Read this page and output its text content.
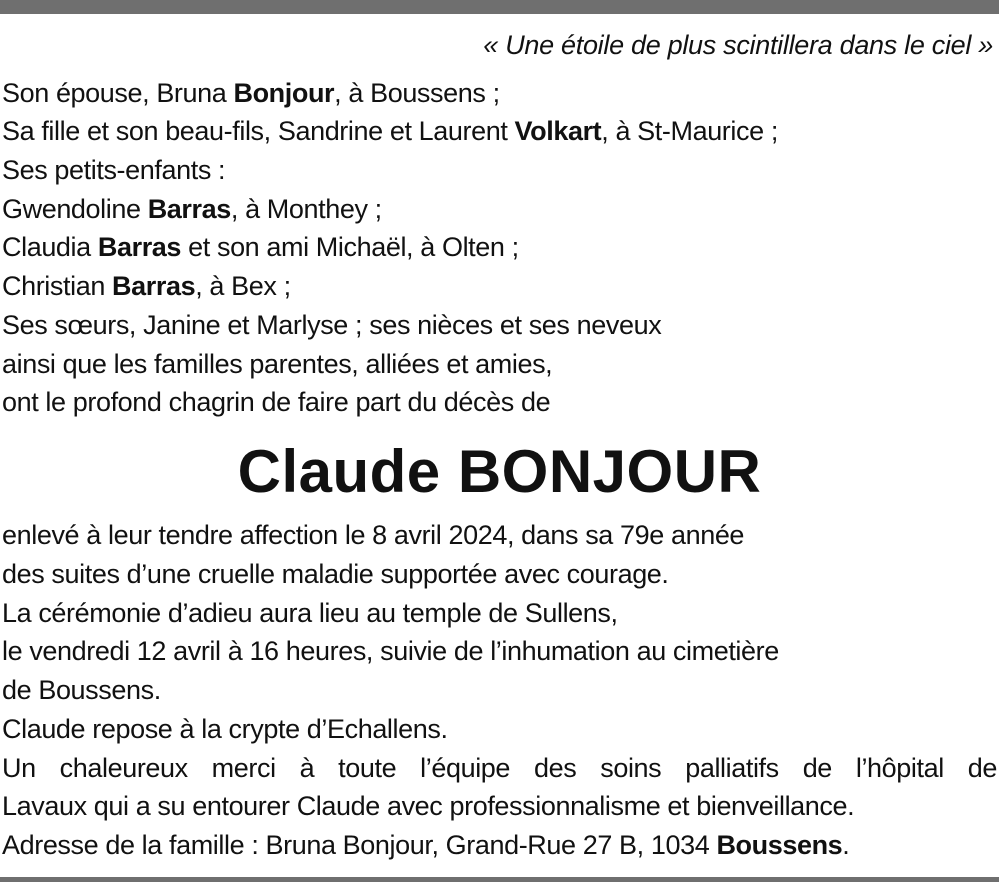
« Une étoile de plus scintillera dans le ciel »
Son épouse, Bruna Bonjour, à Boussens ;
Sa fille et son beau-fils, Sandrine et Laurent Volkart, à St-Maurice ;
Ses petits-enfants :
Gwendoline Barras, à Monthey ;
Claudia Barras et son ami Michaël, à Olten ;
Christian Barras, à Bex ;
Ses sœurs, Janine et Marlyse ; ses nièces et ses neveux
ainsi que les familles parentes, alliées et amies,
ont le profond chagrin de faire part du décès de
Claude BONJOUR
enlevé à leur tendre affection le 8 avril 2024, dans sa 79e année
des suites d’une cruelle maladie supportée avec courage.
La cérémonie d’adieu aura lieu au temple de Sullens,
le vendredi 12 avril à 16 heures, suivie de l’inhumation au cimetière
de Boussens.
Claude repose à la crypte d’Echallens.
Un chaleureux merci à toute l’équipe des soins palliatifs de l’hôpital de
Lavaux qui a su entourer Claude avec professionnalisme et bienveillance.
Adresse de la famille : Bruna Bonjour, Grand-Rue 27 B, 1034 Boussens.
